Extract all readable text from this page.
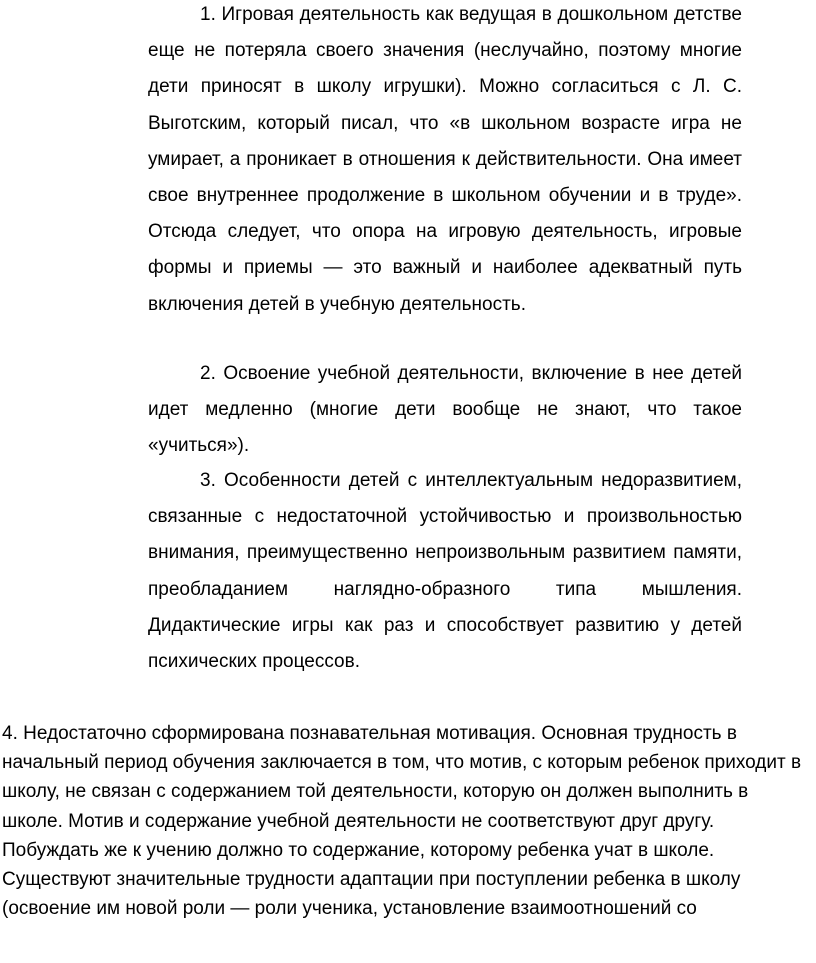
1. Игровая деятельность как ведущая в дошкольном детстве еще не потеряла своего значения (неслучайно, поэтому многие дети приносят в школу игрушки). Можно согласиться с Л. С. Выготским, который писал, что «в школьном возрасте игра не умирает, а проникает в отношения к действительности. Она имеет свое внутреннее продолжение в школьном обучении и в труде». Отсюда следует, что опора на игровую деятельность, игровые формы и приемы — это важный и наиболее адекватный путь включения детей в учебную деятельность.

2. Освоение учебной деятельности, включение в нее детей идет медленно (многие дети вообще не знают, что такое «учиться»).

3. Особенности детей с интеллектуальным недоразвитием, связанные с недостаточной устойчивостью и произвольностью внимания, преимущественно непроизвольным развитием памяти, преобладанием наглядно-образного типа мышления. Дидактические игры как раз и способствует развитию у детей психических процессов.

4. Недостаточно сформирована познавательная мотивация. Основная трудность в начальный период обучения заключается в том, что мотив, с которым ребенок приходит в школу, не связан с содержанием той деятельности, которую он должен выполнить в школе. Мотив и содержание учебной деятельности не соответствуют друг другу. Побуждать же к учению должно то содержание, которому ребенка учат в школе. Существуют значительные трудности адаптации при поступлении ребенка в школу (освоение им новой роли — роли ученика, установление взаимоотношений со
